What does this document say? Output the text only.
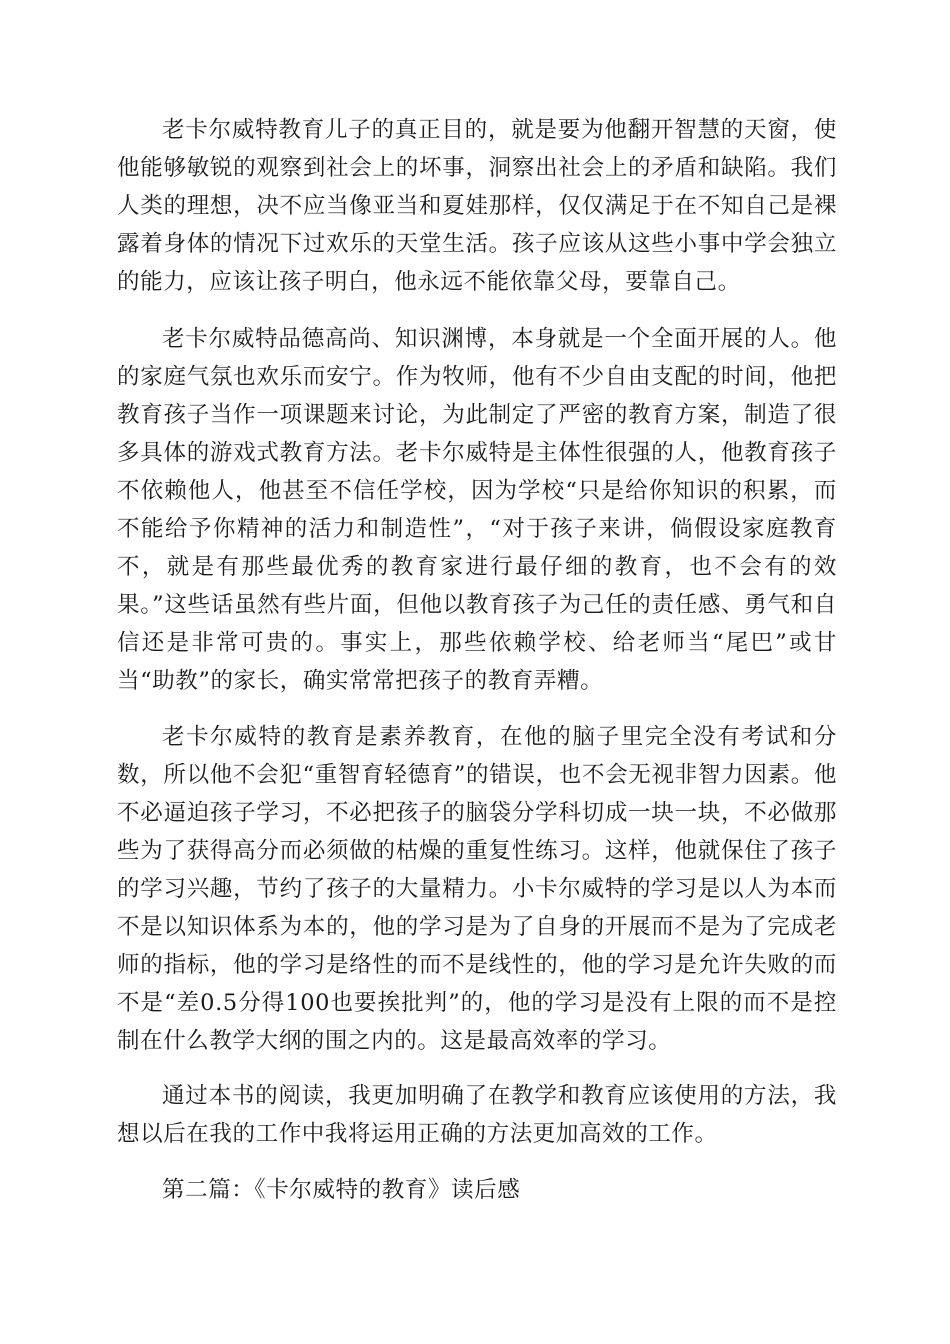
老卡尔威特教育儿子的真正目的，就是要为他翻开智慧的天窗，使他能够敏锐的观察到社会上的坏事，洞察出社会上的矛盾和缺陷。我们人类的理想，决不应当像亚当和夏娃那样，仅仅满足于在不知自己是裸露着身体的情况下过欢乐的天堂生活。孩子应该从这些小事中学会独立的能力，应该让孩子明白，他永远不能依靠父母，要靠自己。

老卡尔威特品德高尚、知识渊博，本身就是一个全面开展的人。他的家庭气氛也欢乐而安宁。作为牧师，他有不少自由支配的时间，他把教育孩子当作一项课题来讨论，为此制定了严密的教育方案，制造了很多具体的游戏式教育方法。老卡尔威特是主体性很强的人，他教育孩子不依赖他人，他甚至不信任学校，因为学校“只是给你知识的积累，而不能给予你精神的活力和制造性”，“对于孩子来讲，倘假设家庭教育不，就是有那些最优秀的教育家进行最仔细的教育，也不会有的效果。”这些话虽然有些片面，但他以教育孩子为己任的责任感、勇气和自信还是非常可贵的。事实上，那些依赖学校、给老师当“尾巴”或甘当“助教”的家长，确实常常把孩子的教育弄糟。

老卡尔威特的教育是素养教育，在他的脑子里完全没有考试和分数，所以他不会犯“重智育轻德育”的错误，也不会无视非智力因素。他不必逼迫孩子学习，不必把孩子的脑袋分学科切成一块一块，不必做那些为了获得高分而必须做的枯燥的重复性练习。这样，他就保住了孩子的学习兴趣，节约了孩子的大量精力。小卡尔威特的学习是以人为本而不是以知识体系为本的，他的学习是为了自身的开展而不是为了完成老师的指标，他的学习是络性的而不是线性的，他的学习是允许失败的而不是“差0.5分得100也要挨批判”的，他的学习是没有上限的而不是控制在什么教学大纲的围之内的。这是最高效率的学习。

通过本书的阅读，我更加明确了在教学和教育应该使用的方法，我想以后在我的工作中我将运用正确的方法更加高效的工作。

第二篇：《卡尔威特的教育》读后感
